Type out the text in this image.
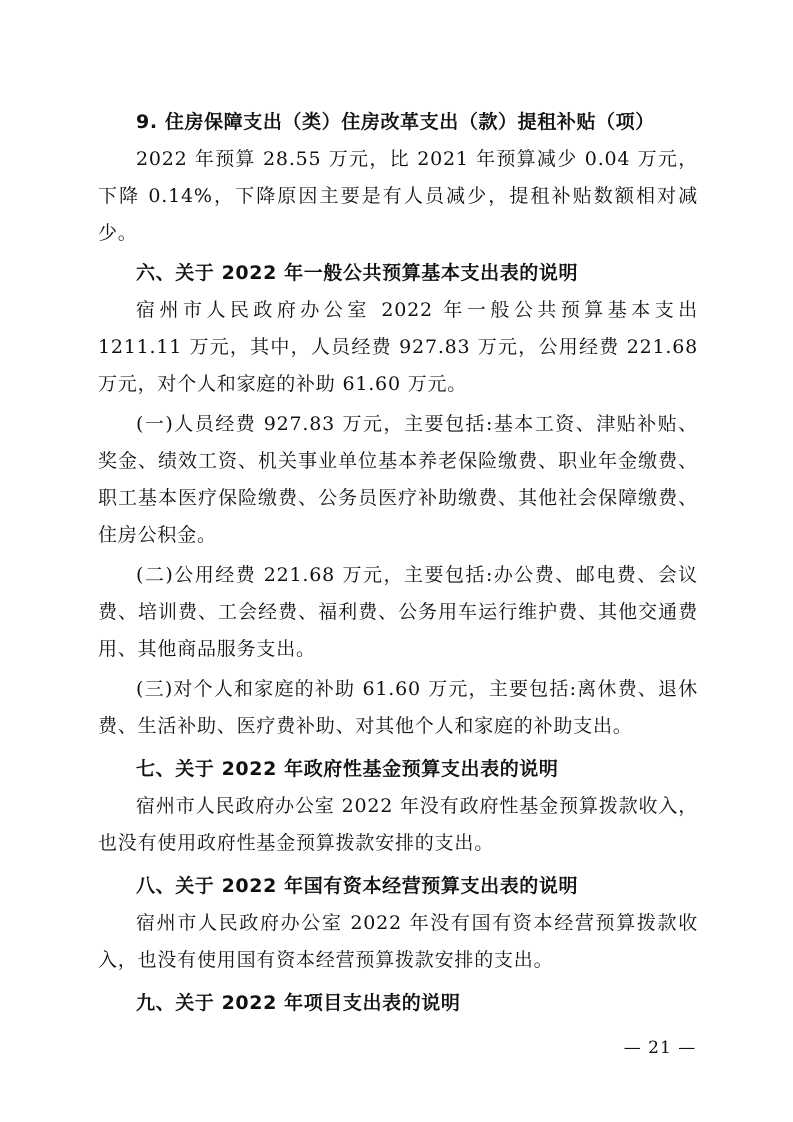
9. 住房保障支出（类）住房改革支出（款）提租补贴（项）

2022 年预算 28.55 万元，比 2021 年预算减少 0.04 万元，下降 0.14%，下降原因主要是有人员减少，提租补贴数额相对减少。

六、关于 2022 年一般公共预算基本支出表的说明

宿州市人民政府办公室 2022 年一般公共预算基本支出 1211.11 万元，其中，人员经费 927.83 万元，公用经费 221.68 万元，对个人和家庭的补助 61.60 万元。

(一)人员经费 927.83 万元，主要包括:基本工资、津贴补贴、奖金、绩效工资、机关事业单位基本养老保险缴费、职业年金缴费、职工基本医疗保险缴费、公务员医疗补助缴费、其他社会保障缴费、住房公积金。

(二)公用经费 221.68 万元，主要包括:办公费、邮电费、会议费、培训费、工会经费、福利费、公务用车运行维护费、其他交通费用、其他商品服务支出。

(三)对个人和家庭的补助 61.60 万元，主要包括:离休费、退休费、生活补助、医疗费补助、对其他个人和家庭的补助支出。

七、关于 2022 年政府性基金预算支出表的说明

宿州市人民政府办公室 2022 年没有政府性基金预算拨款收入，也没有使用政府性基金预算拨款安排的支出。

八、关于 2022 年国有资本经营预算支出表的说明

宿州市人民政府办公室 2022 年没有国有资本经营预算拨款收入，也没有使用国有资本经营预算拨款安排的支出。

九、关于 2022 年项目支出表的说明

— 21 —
